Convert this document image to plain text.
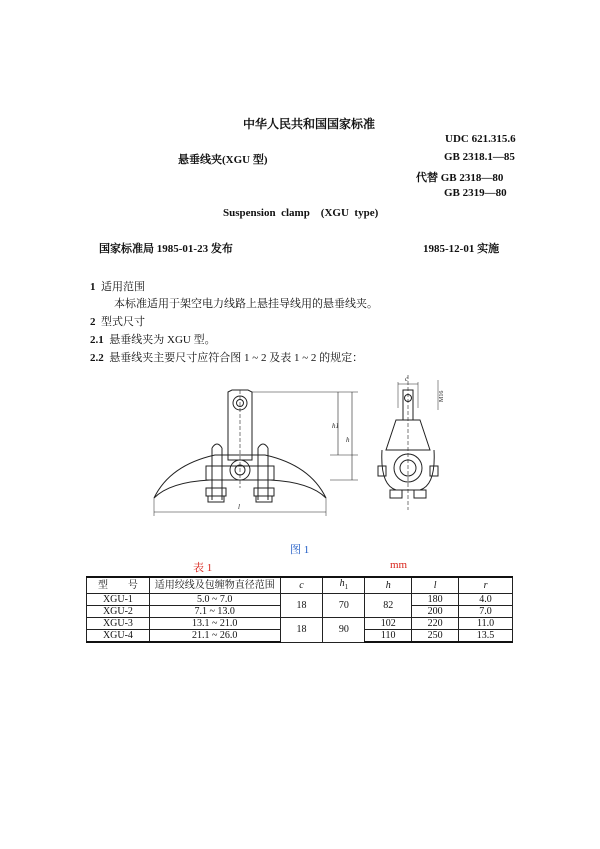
中华人民共和国国家标准
UDC 621.315.6
悬垂线夹(XGU 型)	GB 2318.1—85
代替 GB 2318—80
GB 2319—80
Suspension  clamp    (XGU  type)
国家标准局 1985-01-23 发布	1985-12-01 实施
1 适用范围
本标准适用于架空电力线路上悬挂导线用的悬垂线夹。
2 型式尺寸
2.1 悬垂线夹为 XGU 型。
2.2 悬垂线夹主要尺寸应符合图 1 ~ 2 及表 1 ~ 2 的规定：
h1
h
l
c
M16
图 1
表 1	mm
型　　号	适用绞线及包缠物直径范围	c	$h_1$	h	l	r
XGU-1	5.0 ~ 7.0	18	70	82	180	4.0
XGU-2	7.1 ~ 13.0				200	7.0
XGU-3	13.1 ~ 21.0	18	90	102	220	11.0
XGU-4	21.1 ~ 26.0			110	250	13.5
